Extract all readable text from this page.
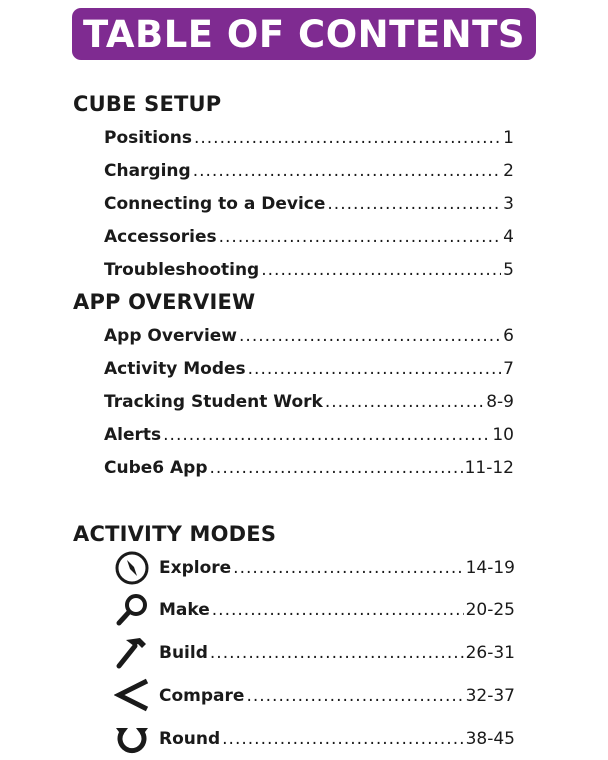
TABLE OF CONTENTS
CUBE SETUP
Positions .....	1
Charging .....	2
Connecting to a Device .....	3
Accessories .....	4
Troubleshooting .....	5
APP OVERVIEW
App Overview .....	6
Activity Modes .....	7
Tracking Student Work .....	8-9
Alerts .....	10
Cube6 App .....	11-12
ACTIVITY MODES
Explore .....	14-19
Make .....	20-25
Build .....	26-31
Compare .....	32-37
Round .....	38-45
